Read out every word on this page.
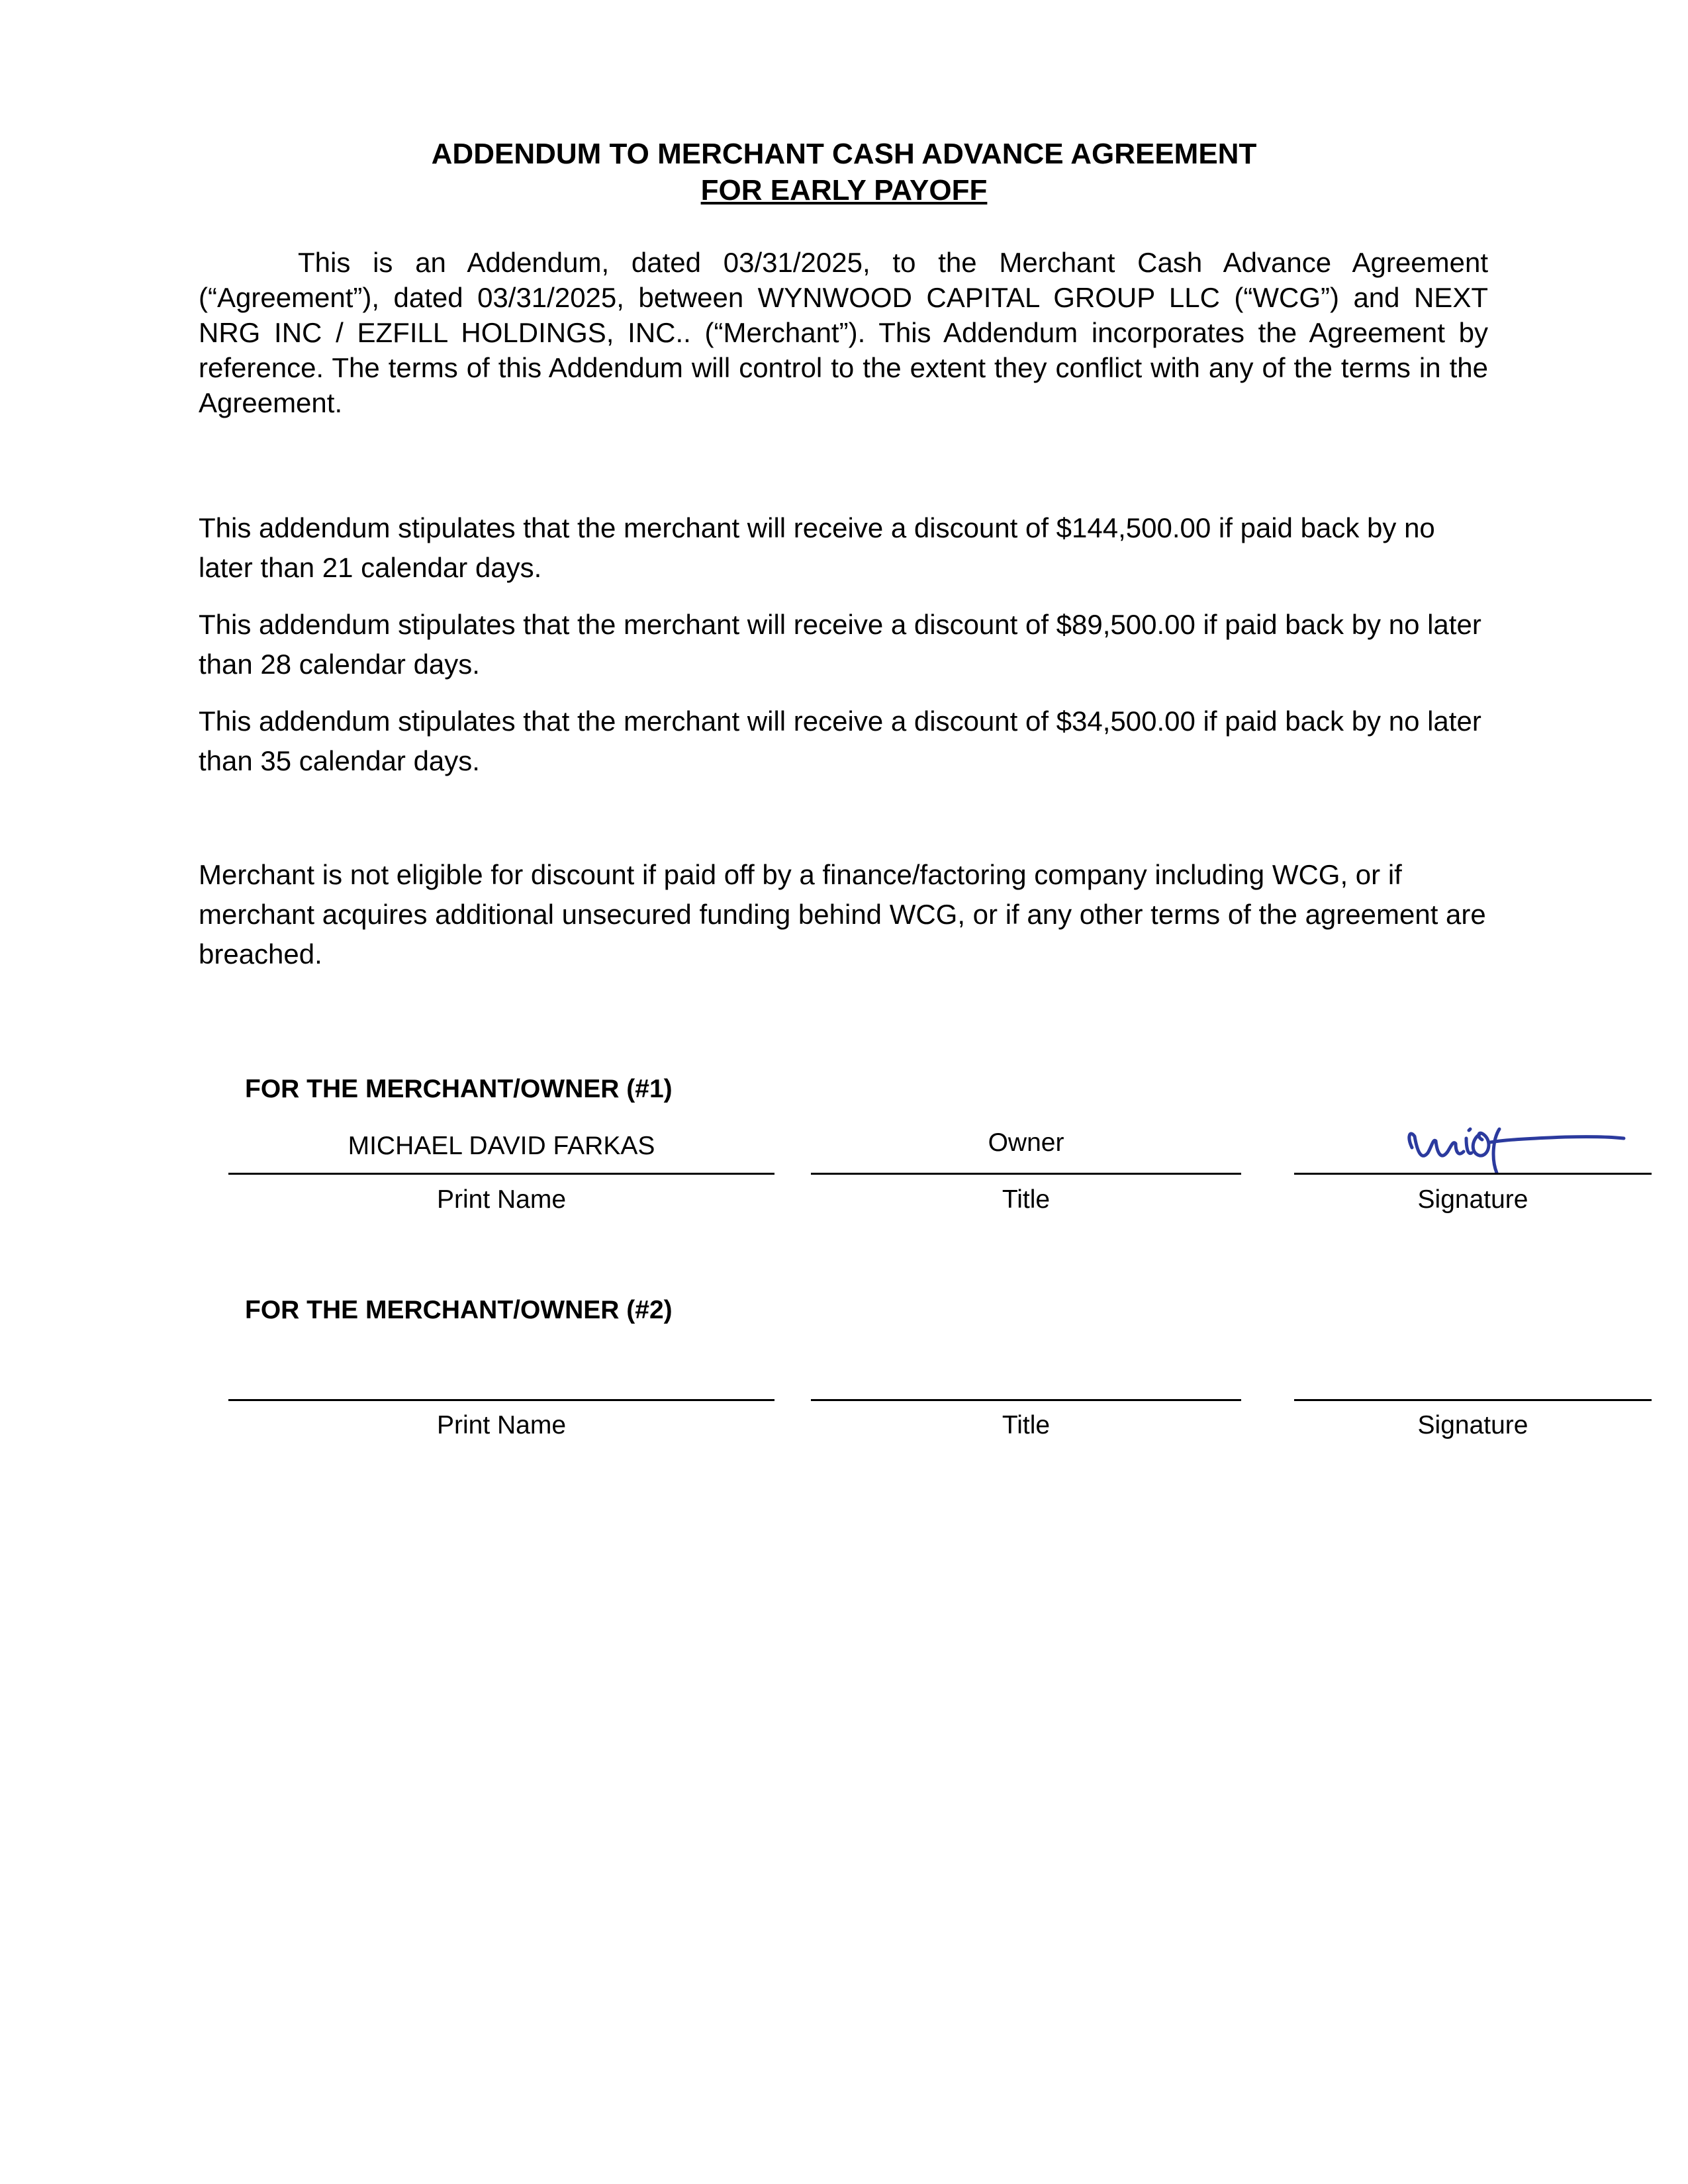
ADDENDUM TO MERCHANT CASH ADVANCE AGREEMENT
FOR EARLY PAYOFF

This is an Addendum, dated 03/31/2025, to the Merchant Cash Advance Agreement (“Agreement”), dated 03/31/2025, between WYNWOOD CAPITAL GROUP LLC (“WCG”) and NEXT NRG INC / EZFILL HOLDINGS, INC.. (“Merchant”). This Addendum incorporates the Agreement by reference. The terms of this Addendum will control to the extent they conflict with any of the terms in the Agreement.

This addendum stipulates that the merchant will receive a discount of $144,500.00 if paid back by no later than 21 calendar days.

This addendum stipulates that the merchant will receive a discount of $89,500.00 if paid back by no later than 28 calendar days.

This addendum stipulates that the merchant will receive a discount of $34,500.00 if paid back by no later than 35 calendar days.

Merchant is not eligible for discount if paid off by a finance/factoring company including WCG, or if merchant acquires additional unsecured funding behind WCG, or if any other terms of the agreement are breached.

FOR THE MERCHANT/OWNER (#1)
MICHAEL DAVID FARKAS	Owner
Print Name	Title	Signature
FOR THE MERCHANT/OWNER (#2)
Print Name	Title	Signature
